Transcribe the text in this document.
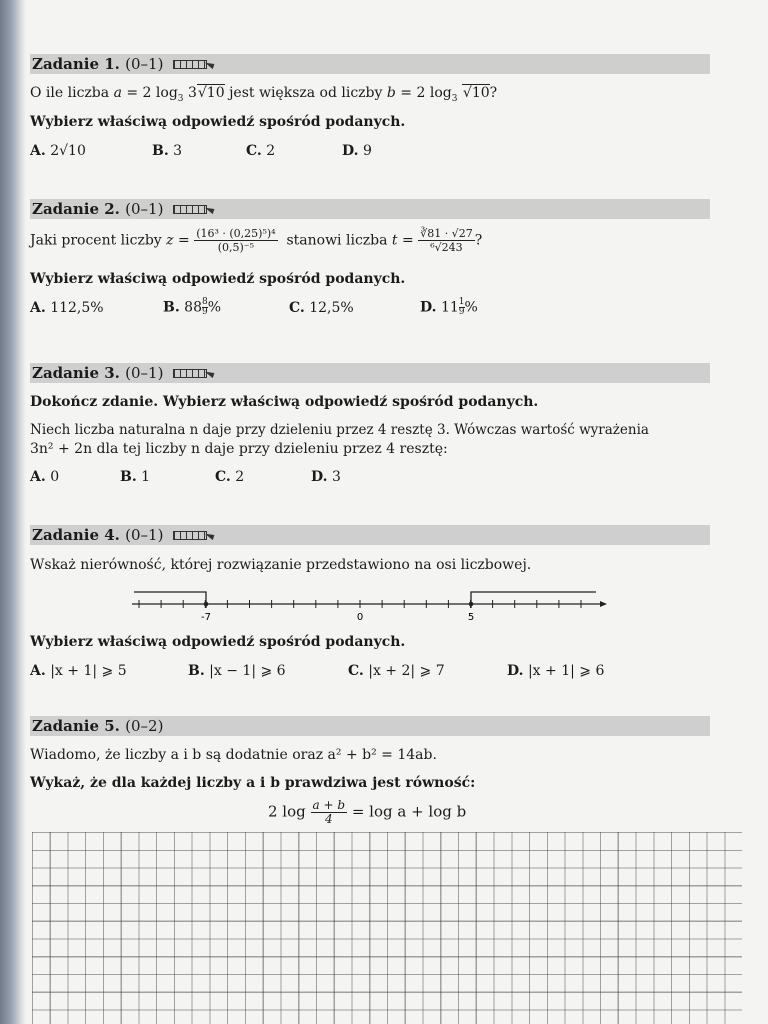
Zadanie 1. (0–1)
O ile liczba a = 2 $\log_3 3√10$ jest większa od liczby b = 2 $\log_3 √10$?
Wybierz właściwą odpowiedź spośród podanych.
A. 2√10	B. 3	C. 2	D. 9
Zadanie 2. (0–1)
Jaki procent liczby $z = \frac{\text{(16³ · (0,25)⁵)⁴}}{\text{(0,5)⁻⁵}}$ stanowi liczba $t = \frac{∛81 \cdot √27}{\text{⁶√243}}$ ?
Wybierz właściwą odpowiedź spośród podanych.
A. 112,5%	B. $88 \frac{8}{9}\%$	C. 12,5%	D. $11 \frac{1}{9}\%$
Zadanie 3. (0–1)
Dokończ zdanie. Wybierz właściwą odpowiedź spośród podanych.
Niech liczba naturalna n daje przy dzieleniu przez 4 resztę 3. Wówczas wartość wyrażenia
3n² + 2n dla tej liczby n daje przy dzieleniu przez 4 resztę:
A. 0	B. 1	C. 2	D. 3
Zadanie 4. (0–1)
Wskaż nierówność, której rozwiązanie przedstawiono na osi liczbowej.
-7	0	5
Wybierz właściwą odpowiedź spośród podanych.
A. |x + 1| ⩾ 5	B. |x − 1| ⩾ 6	C. |x + 2| ⩾ 7	D. |x + 1| ⩾ 6
Zadanie 5. (0–2)
Wiadomo, że liczby a i b są dodatnie oraz a² + b² = 14ab.
Wykaż, że dla każdej liczby a i b prawdziwa jest równość:
2 $\log \frac{a + b}{4} = \log a + \log b$
